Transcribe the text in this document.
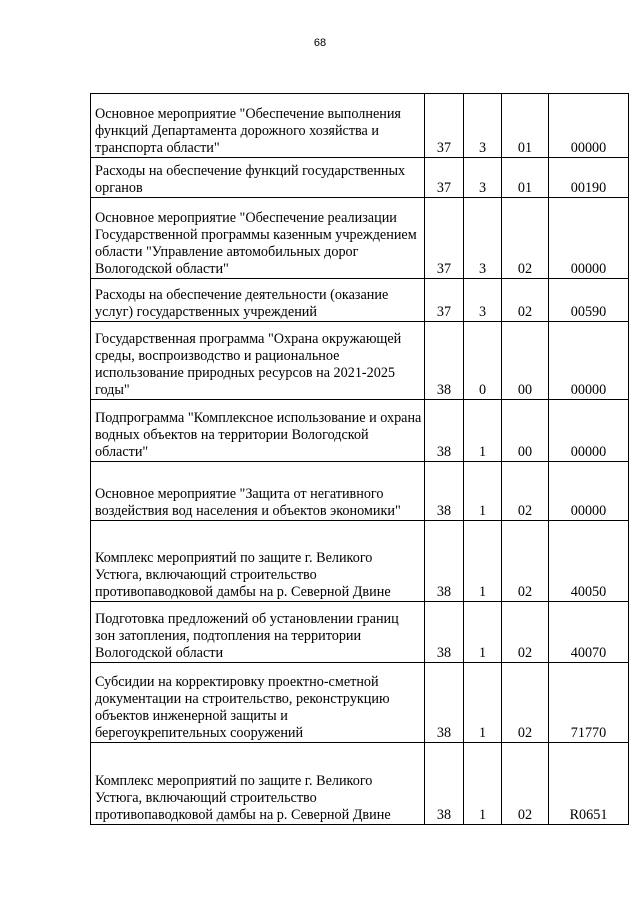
68
Основное мероприятие "Обеспечение выполнения функций Департамента дорожного хозяйства и транспорта области"	37	3	01	00000
Расходы на обеспечение функций государственных органов	37	3	01	00190
Основное мероприятие "Обеспечение реализации Государственной программы казенным учреждением области "Управление автомобильных дорог Вологодской области"	37	3	02	00000
Расходы на обеспечение деятельности (оказание услуг) государственных учреждений	37	3	02	00590
Государственная программа "Охрана окружающей среды, воспроизводство и рациональное использование природных ресурсов на 2021-2025 годы"	38	0	00	00000
Подпрограмма "Комплексное использование и охрана водных объектов на территории Вологодской области"	38	1	00	00000
Основное мероприятие "Защита от негативного воздействия вод населения и объектов экономики"	38	1	02	00000
Комплекс мероприятий по защите г. Великого Устюга, включающий строительство противопаводковой дамбы на р. Северной Двине	38	1	02	40050
Подготовка предложений об установлении границ зон затопления, подтопления на территории Вологодской области	38	1	02	40070
Субсидии на корректировку проектно-сметной документации на строительство, реконструкцию объектов инженерной защиты и берегоукрепительных сооружений	38	1	02	71770
Комплекс мероприятий по защите г. Великого Устюга, включающий строительство противопаводковой дамбы на р. Северной Двине	38	1	02	R0651
